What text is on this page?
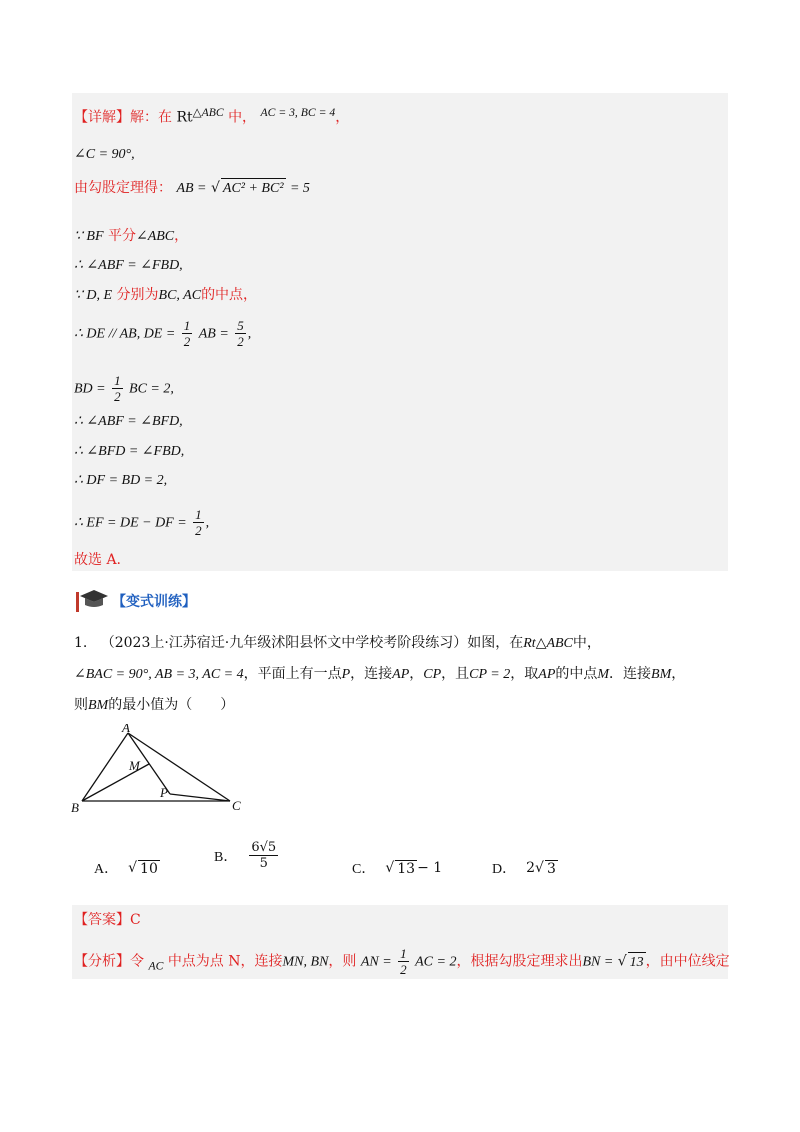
【详解】解：在 $Rt^{\triangle ABC}$ 中， $^{AC = 3, BC = 4}$，
∠C = 90°,
由勾股定理得： AB = √ AC² + BC² = 5
∵ BF 平分∠ABC，
∴ ∠ABF = ∠FBD,
∵ D, E 分别为BC, AC的中点，
∴ DE // AB, DE = $\frac{1}{2}$ AB = $\frac{5}{2}$ ,
BD = $\frac{1}{2}$ BC = 2,
∴ ∠ABF = ∠BFD,
∴ ∠BFD = ∠FBD,
∴ DF = BD = 2,
∴ EF = DE − DF = $\frac{1}{2}$ ,
故选 A.
【变式训练】
1. （2023上·江苏宿迁·九年级沭阳县怀文中学校考阶段练习）如图，在Rt△ABC中，
∠BAC = 90°, AB = 3, AC = 4，平面上有一点P，连接AP，CP，且CP = 2，取AP的中点M．连接BM，
则BM的最小值为（　　）
A
B	C
M
P
A． √ 10
B． $\frac{6√5}{5}$	C． √ 13 − 1	D． 2 √ 3
【答案】C
【分析】令 $_{AC}$ 中点为点 N，连接MN, BN，则 AN = $\frac{1}{2}$ AC = 2，根据勾股定理求出BN = √ 13 ，由中位线定
